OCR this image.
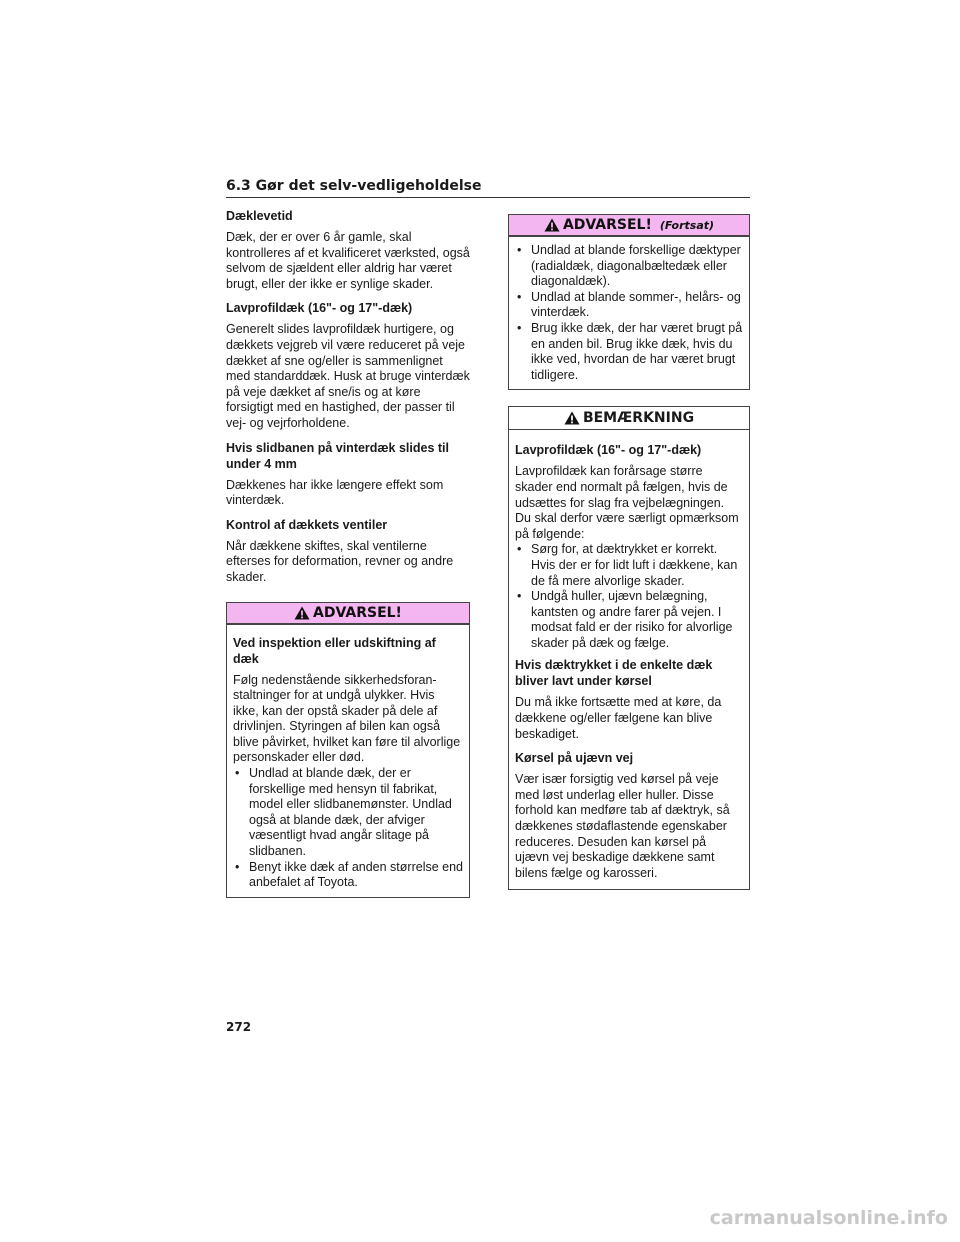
6.3 Gør det selv-vedligeholdelse
Dæklevetid
Dæk, der er over 6 år gamle, skal kontrolleres af et kvalificeret værksted, også selvom de sjældent eller aldrig har været brugt, eller der ikke er synlige skader.
Lavprofildæk (16"- og 17"-dæk)
Generelt slides lavprofildæk hurtigere, og dækkets vejgreb vil være reduceret på veje dækket af sne og/eller is sammenlignet med standarddæk. Husk at bruge vinterdæk på veje dækket af sne/is og at køre forsigtigt med en hastighed, der passer til vej- og vejrforholdene.
Hvis slidbanen på vinterdæk slides til under 4 mm
Dækkenes har ikke længere effekt som vinterdæk.
Kontrol af dækkets ventiler
Når dækkene skiftes, skal ventilerne efterses for deformation, revner og andre skader.
ADVARSEL!
Ved inspektion eller udskiftning af dæk
Følg nedenstående sikkerhedsforan- staltninger for at undgå ulykker. Hvis ikke, kan der opstå skader på dele af drivlinjen. Styringen af bilen kan også blive påvirket, hvilket kan føre til alvorlige personskader eller død.
• Undlad at blande dæk, der er forskellige med hensyn til fabrikat, model eller slidbanemønster. Undlad også at blande dæk, der afviger væsentligt hvad angår slitage på slidbanen.
• Benyt ikke dæk af anden størrelse end anbefalet af Toyota.
ADVARSEL! (Fortsat)
• Undlad at blande forskellige dæktyper (radialdæk, diagonalbæltedæk eller diagonaldæk).
• Undlad at blande sommer-, helårs- og vinterdæk.
• Brug ikke dæk, der har været brugt på en anden bil. Brug ikke dæk, hvis du ikke ved, hvordan de har været brugt tidligere.
BEMÆRKNING
Lavprofildæk (16"- og 17"-dæk)
Lavprofildæk kan forårsage større skader end normalt på fælgen, hvis de udsættes for slag fra vejbelægningen. Du skal derfor være særligt opmærksom på følgende:
• Sørg for, at dæktrykket er korrekt. Hvis der er for lidt luft i dækkene, kan de få mere alvorlige skader.
• Undgå huller, ujævn belægning, kantsten og andre farer på vejen. I modsat fald er der risiko for alvorlige skader på dæk og fælge.
Hvis dæktrykket i de enkelte dæk bliver lavt under kørsel
Du må ikke fortsætte med at køre, da dækkene og/eller fælgene kan blive beskadiget.
Kørsel på ujævn vej
Vær især forsigtig ved kørsel på veje med løst underlag eller huller. Disse forhold kan medføre tab af dæktryk, så dækkenes stødaflastende egenskaber reduceres. Desuden kan kørsel på ujævn vej beskadige dækkene samt bilens fælge og karosseri.
272
carmanualsonline.info
